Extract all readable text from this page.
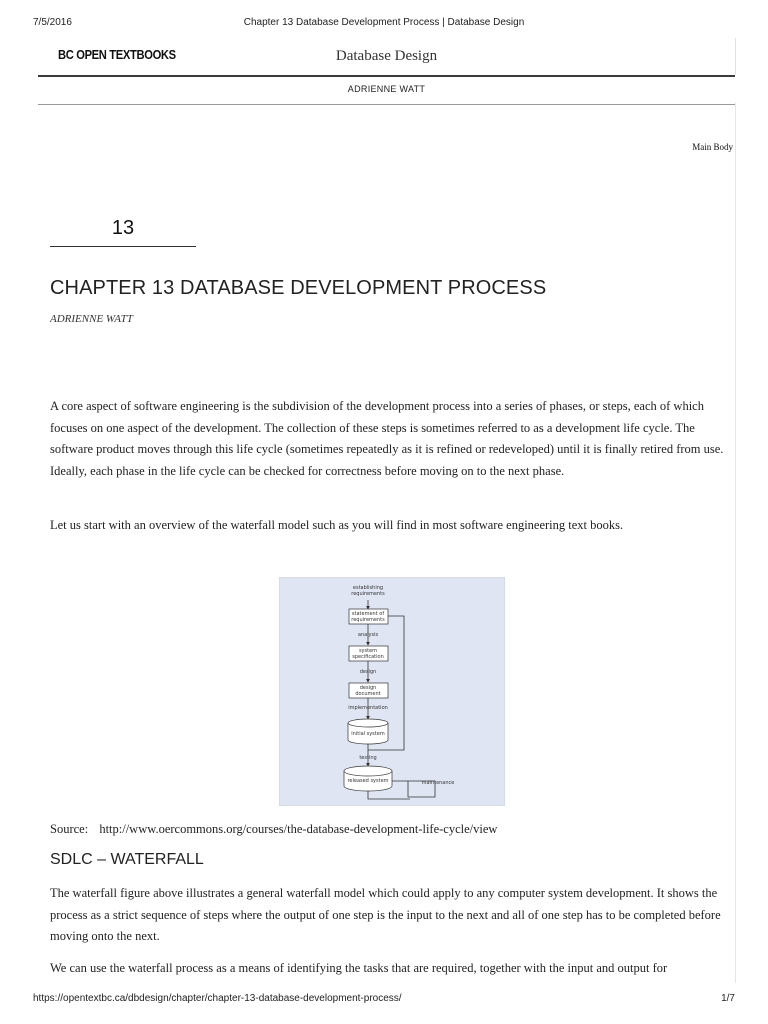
7/5/2016	Chapter 13 Database Development Process | Database Design
BC OPEN TEXTBOOKS	Database Design
ADRIENNE WATT
Main Body
13
CHAPTER 13 DATABASE DEVELOPMENT PROCESS
ADRIENNE WATT

A core aspect of software engineering is the subdivision of the development process into a series of phases, or steps, each of which focuses on one aspect of the development. The collection of these steps is sometimes referred to as a development life cycle. The software product moves through this life cycle (sometimes repeatedly as it is refined or redeveloped) until it is finally retired from use. Ideally, each phase in the life cycle can be checked for correctness before moving on to the next phase.

Let us start with an overview of the waterfall model such as you will find in most software engineering text books.

establishing
requirements
statement of
requirements
analysis
system
specification
design
design
document
implementation
initial system
testing
released system	maintenance
Source: http://www.oercommons.org/courses/the-database-development-life-cycle/view
SDLC – WATERFALL

The waterfall figure above illustrates a general waterfall model which could apply to any computer system development. It shows the process as a strict sequence of steps where the output of one step is the input to the next and all of one step has to be completed before moving onto the next.

We can use the waterfall process as a means of identifying the tasks that are required, together with the input and output for

https://opentextbc.ca/dbdesign/chapter/chapter-13-database-development-process/	1/7
